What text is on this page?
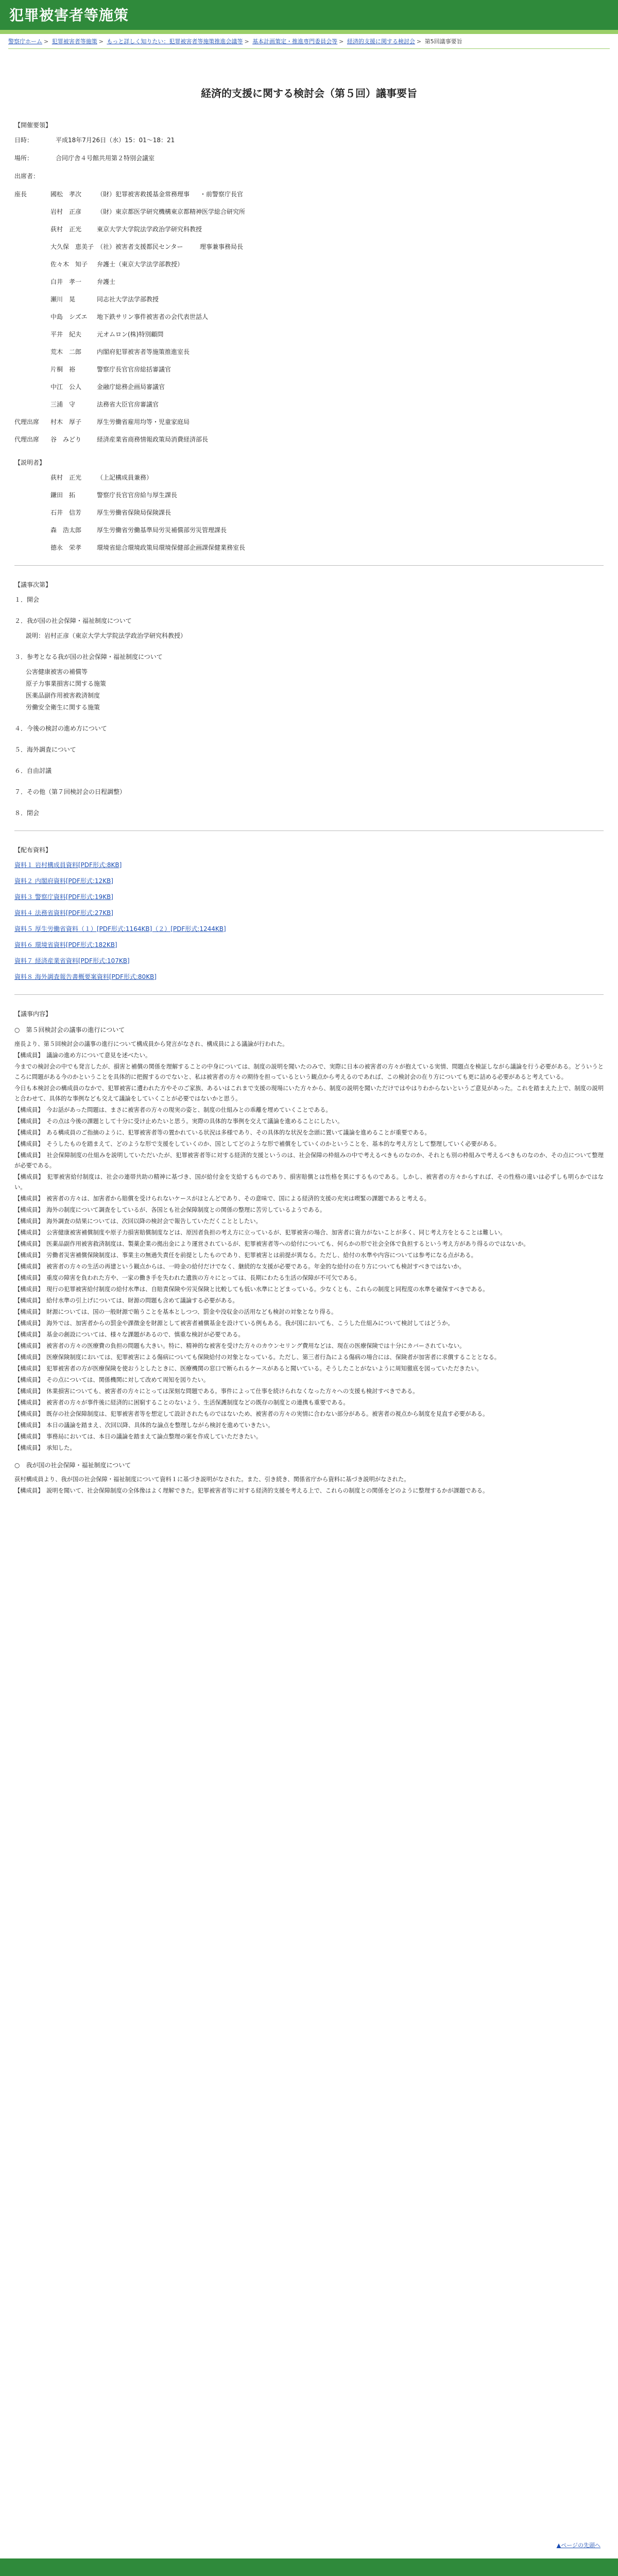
犯罪被害者等施策
警察庁ホーム > 犯罪被害者等施策 > もっと詳しく知りたい：犯罪被害者等施策推進会議等 > 基本計画策定・推進専門委員会等 > 経済的支援に関する検討会 > 第5回議事要旨
経済的支援に関する検討会（第５回）議事要旨
【開催要領】
日時：	平成18年7月26日（水）15：01～18：21
場所：	合同庁舎４号館共用第２特別会議室
出席者：
座長	國松　孝次	（財）犯罪被害救援基金常務理事	・前警察庁長官
岩村　正彦	（財）東京都医学研究機構東京都精神医学総合研究所
荻村　正光	東京大学大学院法学政治学研究科教授
大久保　恵美子 （社）被害者支援都民センター	理事兼事務局長
佐々木　知子	弁護士（東京大学法学部教授）
白井　孝一	弁護士
瀬川　晃	同志社大学法学部教授
中島　シズエ	地下鉄サリン事件被害者の会代表世話人
平井　紀夫	元オムロン(株)特別顧問
荒木　二郎	内閣府犯罪被害者等施策推進室長
片桐　裕	警察庁長官官房総括審議官
中江　公人	金融庁総務企画局審議官
三浦　守	法務省大臣官房審議官
代理出席	村木　厚子	厚生労働省雇用均等・児童家庭局
代理出席	谷　みどり	経済産業省商務情報政策局消費経済部長
【説明者】
荻村　正光	（上記構成員兼務）
鎌田　拓	警察庁長官官房給与厚生課長
石井　信芳	厚生労働省保険局保険課長
森　浩太郎	厚生労働省労働基準局労災補償部労災管理課長
德永　栄孝	環境省総合環境政策局環境保健部企画課保健業務室長
【議事次第】
１．開会
２．我が国の社会保障・福祉制度について
説明：岩村正彦（東京大学大学院法学政治学研究科教授）
３．参考となる我が国の社会保障・福祉制度について
公害健康被害の補償等
原子力事業損害に関する施策
医薬品副作用被害救済制度
労働安全衛生に関する施策
４．今後の検討の進め方について
５．海外調査について
６．自由討議
７．その他（第７回検討会の日程調整）
８．閉会
【配布資料】
資料１ 岩村構成員資料[PDF形式:8KB]
資料２ 内閣府資料[PDF形式:12KB]
資料３ 警察庁資料[PDF形式:19KB]
資料４ 法務省資料[PDF形式:27KB]
資料５ 厚生労働省資料（１）[PDF形式:1164KB]（２）[PDF形式:1244KB]
資料６ 環境省資料[PDF形式:182KB]
資料７ 経済産業省資料[PDF形式:107KB]
資料８ 海外調査報告書概要案資料[PDF形式:80KB]
【議事内容】
○　第５回検討会の議事の進行について

座長より、第５回検討会の議事の進行について構成員から発言がなされ、構成員による議論が行われた。

【構成員】　議論の進め方について意見を述べたい。

今までの検討会の中でも発言したが、損害と補償の関係を理解することの中身については、制度の説明を聞いたのみで、実際に日本の被害者の方々が抱えている実情、問題点を検証しながら議論を行う必要がある。どういうところに問題がある今のかということを具体的に把握するのでないと、私は被害者の方々の期待を担っているという観点から考えるのであれば、この検討会の在り方についても更に詰める必要があると考えている。

今日も本検討会の構成員のなかで、犯罪被害に遭われた方やそのご家族、あるいはこれまで支援の現場にいた方々から、制度の説明を聞いただけではやはりわからないというご意見があった。これを踏まえた上で、制度の説明と合わせて、具体的な事例なども交えて議論をしていくことが必要ではないかと思う。

【構成員】　今お話があった問題は、まさに被害者の方々の現実の姿と、制度の仕組みとの乖離を埋めていくことである。

【構成員】　その点は今後の課題として十分に受け止めたいと思う。実際の具体的な事例を交えて議論を進めることにしたい。

【構成員】　ある構成員のご指摘のように、犯罪被害者等の置かれている状況は多様であり、その具体的な状況を念頭に置いて議論を進めることが重要である。

【構成員】　そうしたものを踏まえて、どのような形で支援をしていくのか、国としてどのような形で補償をしていくのかということを、基本的な考え方として整理していく必要がある。

【構成員】　社会保障制度の仕組みを説明していただいたが、犯罪被害者等に対する経済的支援というのは、社会保障の枠組みの中で考えるべきものなのか、それとも別の枠組みで考えるべきものなのか、その点について整理が必要である。

【構成員】　犯罪被害給付制度は、社会の連帯共助の精神に基づき、国が給付金を支給するものであり、損害賠償とは性格を異にするものである。しかし、被害者の方々からすれば、その性格の違いは必ずしも明らかではない。

【構成員】　被害者の方々は、加害者から賠償を受けられないケースがほとんどであり、その意味で、国による経済的支援の充実は喫緊の課題であると考える。

【構成員】　海外の制度について調査をしているが、各国とも社会保障制度との関係の整理に苦労しているようである。

【構成員】　海外調査の結果については、次回以降の検討会で報告していただくこととしたい。

【構成員】　公害健康被害補償制度や原子力損害賠償制度などは、原因者負担の考え方に立っているが、犯罪被害の場合、加害者に資力がないことが多く、同じ考え方をとることは難しい。

【構成員】　医薬品副作用被害救済制度は、製薬企業の拠出金により運営されているが、犯罪被害者等への給付についても、何らかの形で社会全体で負担するという考え方があり得るのではないか。

【構成員】　労働者災害補償保険制度は、事業主の無過失責任を前提としたものであり、犯罪被害とは前提が異なる。ただし、給付の水準や内容については参考になる点がある。

【構成員】　被害者の方々の生活の再建という観点からは、一時金の給付だけでなく、継続的な支援が必要である。年金的な給付の在り方についても検討すべきではないか。

【構成員】　重度の障害を負われた方や、一家の働き手を失われた遺族の方々にとっては、長期にわたる生活の保障が不可欠である。

【構成員】　現行の犯罪被害給付制度の給付水準は、自賠責保険や労災保険と比較しても低い水準にとどまっている。少なくとも、これらの制度と同程度の水準を確保すべきである。

【構成員】　給付水準の引上げについては、財源の問題も含めて議論する必要がある。

【構成員】　財源については、国の一般財源で賄うことを基本としつつ、罰金や没収金の活用なども検討の対象となり得る。

【構成員】　海外では、加害者からの罰金や課徴金を財源として被害者補償基金を設けている例もある。我が国においても、こうした仕組みについて検討してはどうか。

【構成員】　基金の創設については、様々な課題があるので、慎重な検討が必要である。

【構成員】　被害者の方々の医療費の負担の問題も大きい。特に、精神的な被害を受けた方々のカウンセリング費用などは、現在の医療保険では十分にカバーされていない。

【構成員】　医療保険制度においては、犯罪被害による傷病についても保険給付の対象となっている。ただし、第三者行為による傷病の場合には、保険者が加害者に求償することとなる。

【構成員】　犯罪被害者の方が医療保険を使おうとしたときに、医療機関の窓口で断られるケースがあると聞いている。そうしたことがないように周知徹底を図っていただきたい。

【構成員】　その点については、関係機関に対して改めて周知を図りたい。

【構成員】　休業損害についても、被害者の方々にとっては深刻な問題である。事件によって仕事を続けられなくなった方々への支援も検討すべきである。

【構成員】　被害者の方々が事件後に経済的に困窮することのないよう、生活保護制度などの既存の制度との連携も重要である。

【構成員】　既存の社会保障制度は、犯罪被害者等を想定して設計されたものではないため、被害者の方々の実情に合わない部分がある。被害者の視点から制度を見直す必要がある。

【構成員】　本日の議論を踏まえ、次回以降、具体的な論点を整理しながら検討を進めていきたい。

【構成員】　事務局においては、本日の議論を踏まえて論点整理の案を作成していただきたい。

【構成員】　承知した。

○　我が国の社会保障・福祉制度について

荻村構成員より、我が国の社会保障・福祉制度について資料１に基づき説明がなされた。また、引き続き、関係省庁から資料に基づき説明がなされた。

【構成員】　説明を聞いて、社会保障制度の全体像はよく理解できた。犯罪被害者等に対する経済的支援を考える上で、これらの制度との関係をどのように整理するかが課題である。

▲ページの先頭へ
